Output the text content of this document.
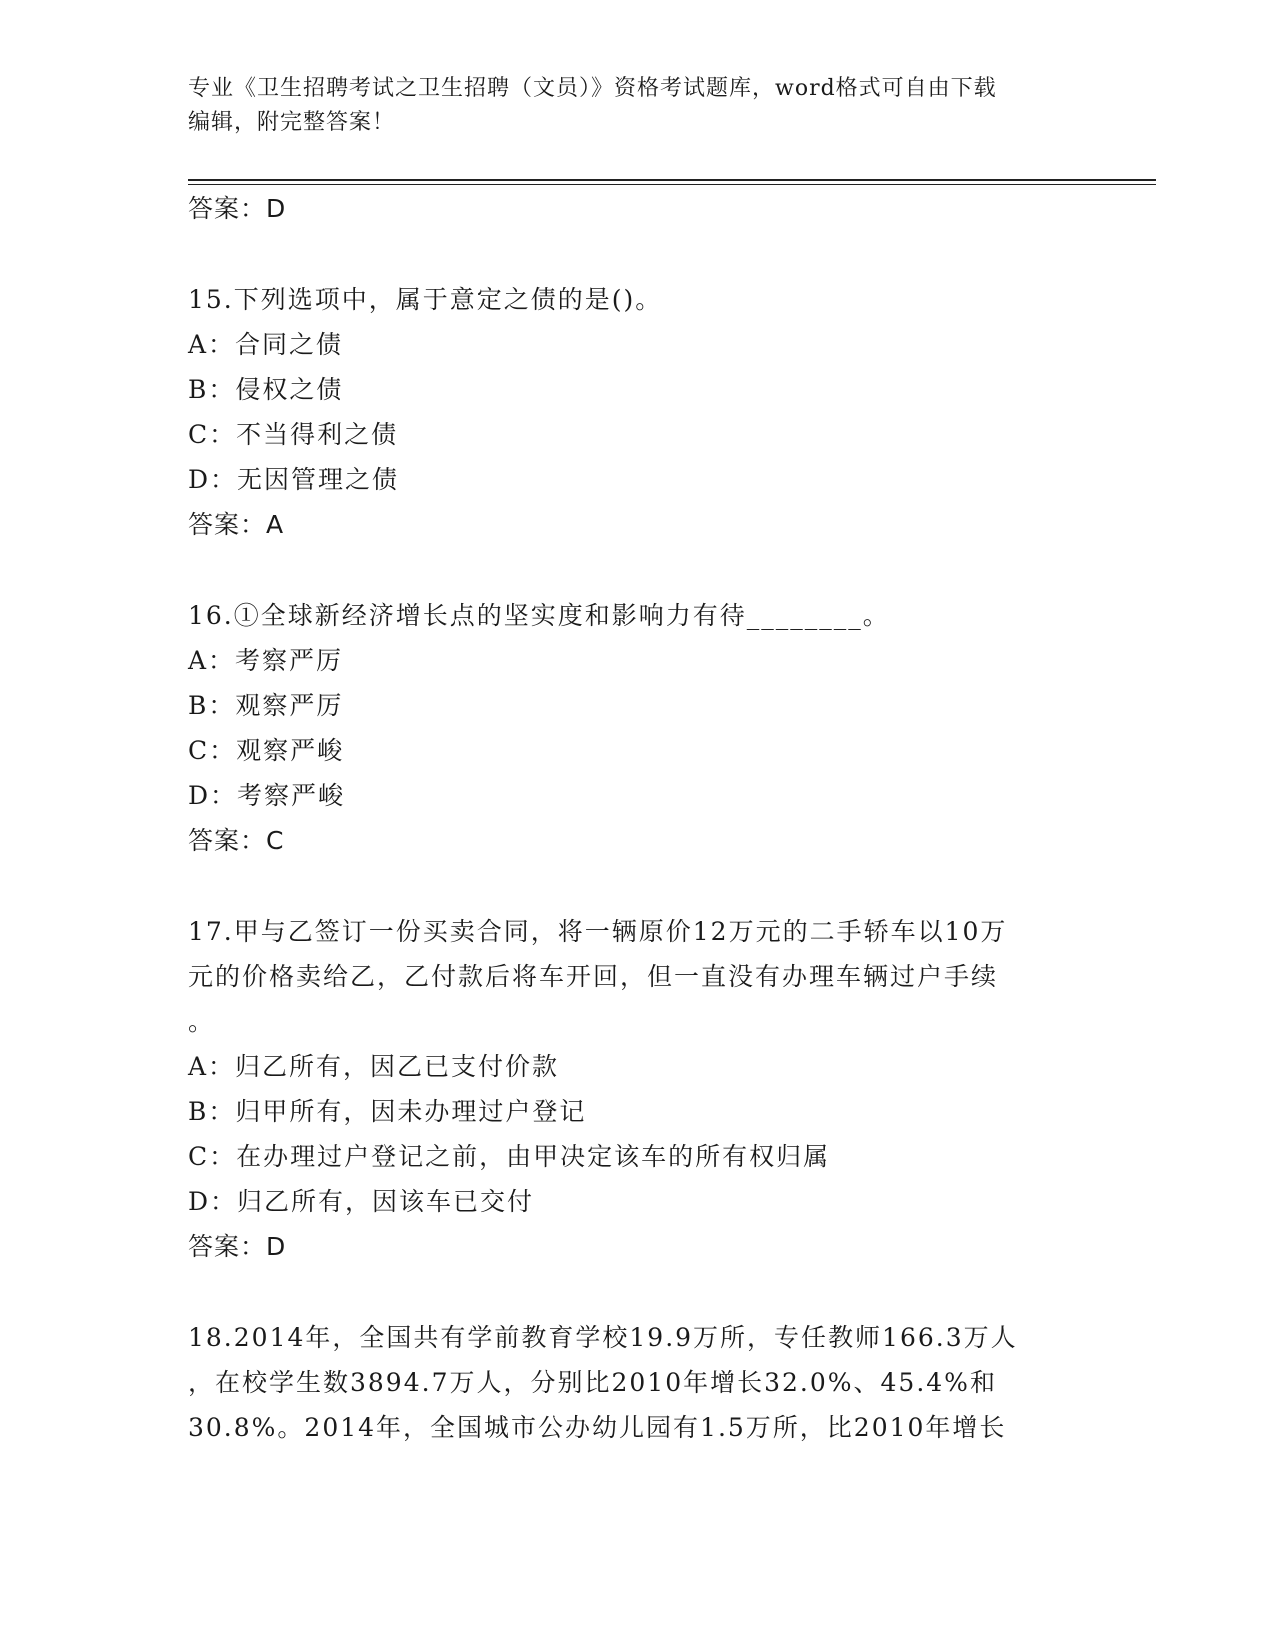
专业《卫生招聘考试之卫生招聘（文员）》资格考试题库，word格式可自由下载
编辑，附完整答案！
答案：D
15.下列选项中，属于意定之债的是()。
A：合同之债
B：侵权之债
C：不当得利之债
D：无因管理之债
答案：A
16.①全球新经济增长点的坚实度和影响力有待________。
A：考察严厉
B：观察严厉
C：观察严峻
D：考察严峻
答案：C
17.甲与乙签订一份买卖合同，将一辆原价12万元的二手轿车以10万
元的价格卖给乙，乙付款后将车开回，但一直没有办理车辆过户手续
。
A：归乙所有，因乙已支付价款
B：归甲所有，因未办理过户登记
C：在办理过户登记之前，由甲决定该车的所有权归属
D：归乙所有，因该车已交付
答案：D
18.2014年，全国共有学前教育学校19.9万所，专任教师166.3万人
，在校学生数3894.7万人，分别比2010年增长32.0%、45.4%和
30.8%。2014年，全国城市公办幼儿园有1.5万所，比2010年增长
